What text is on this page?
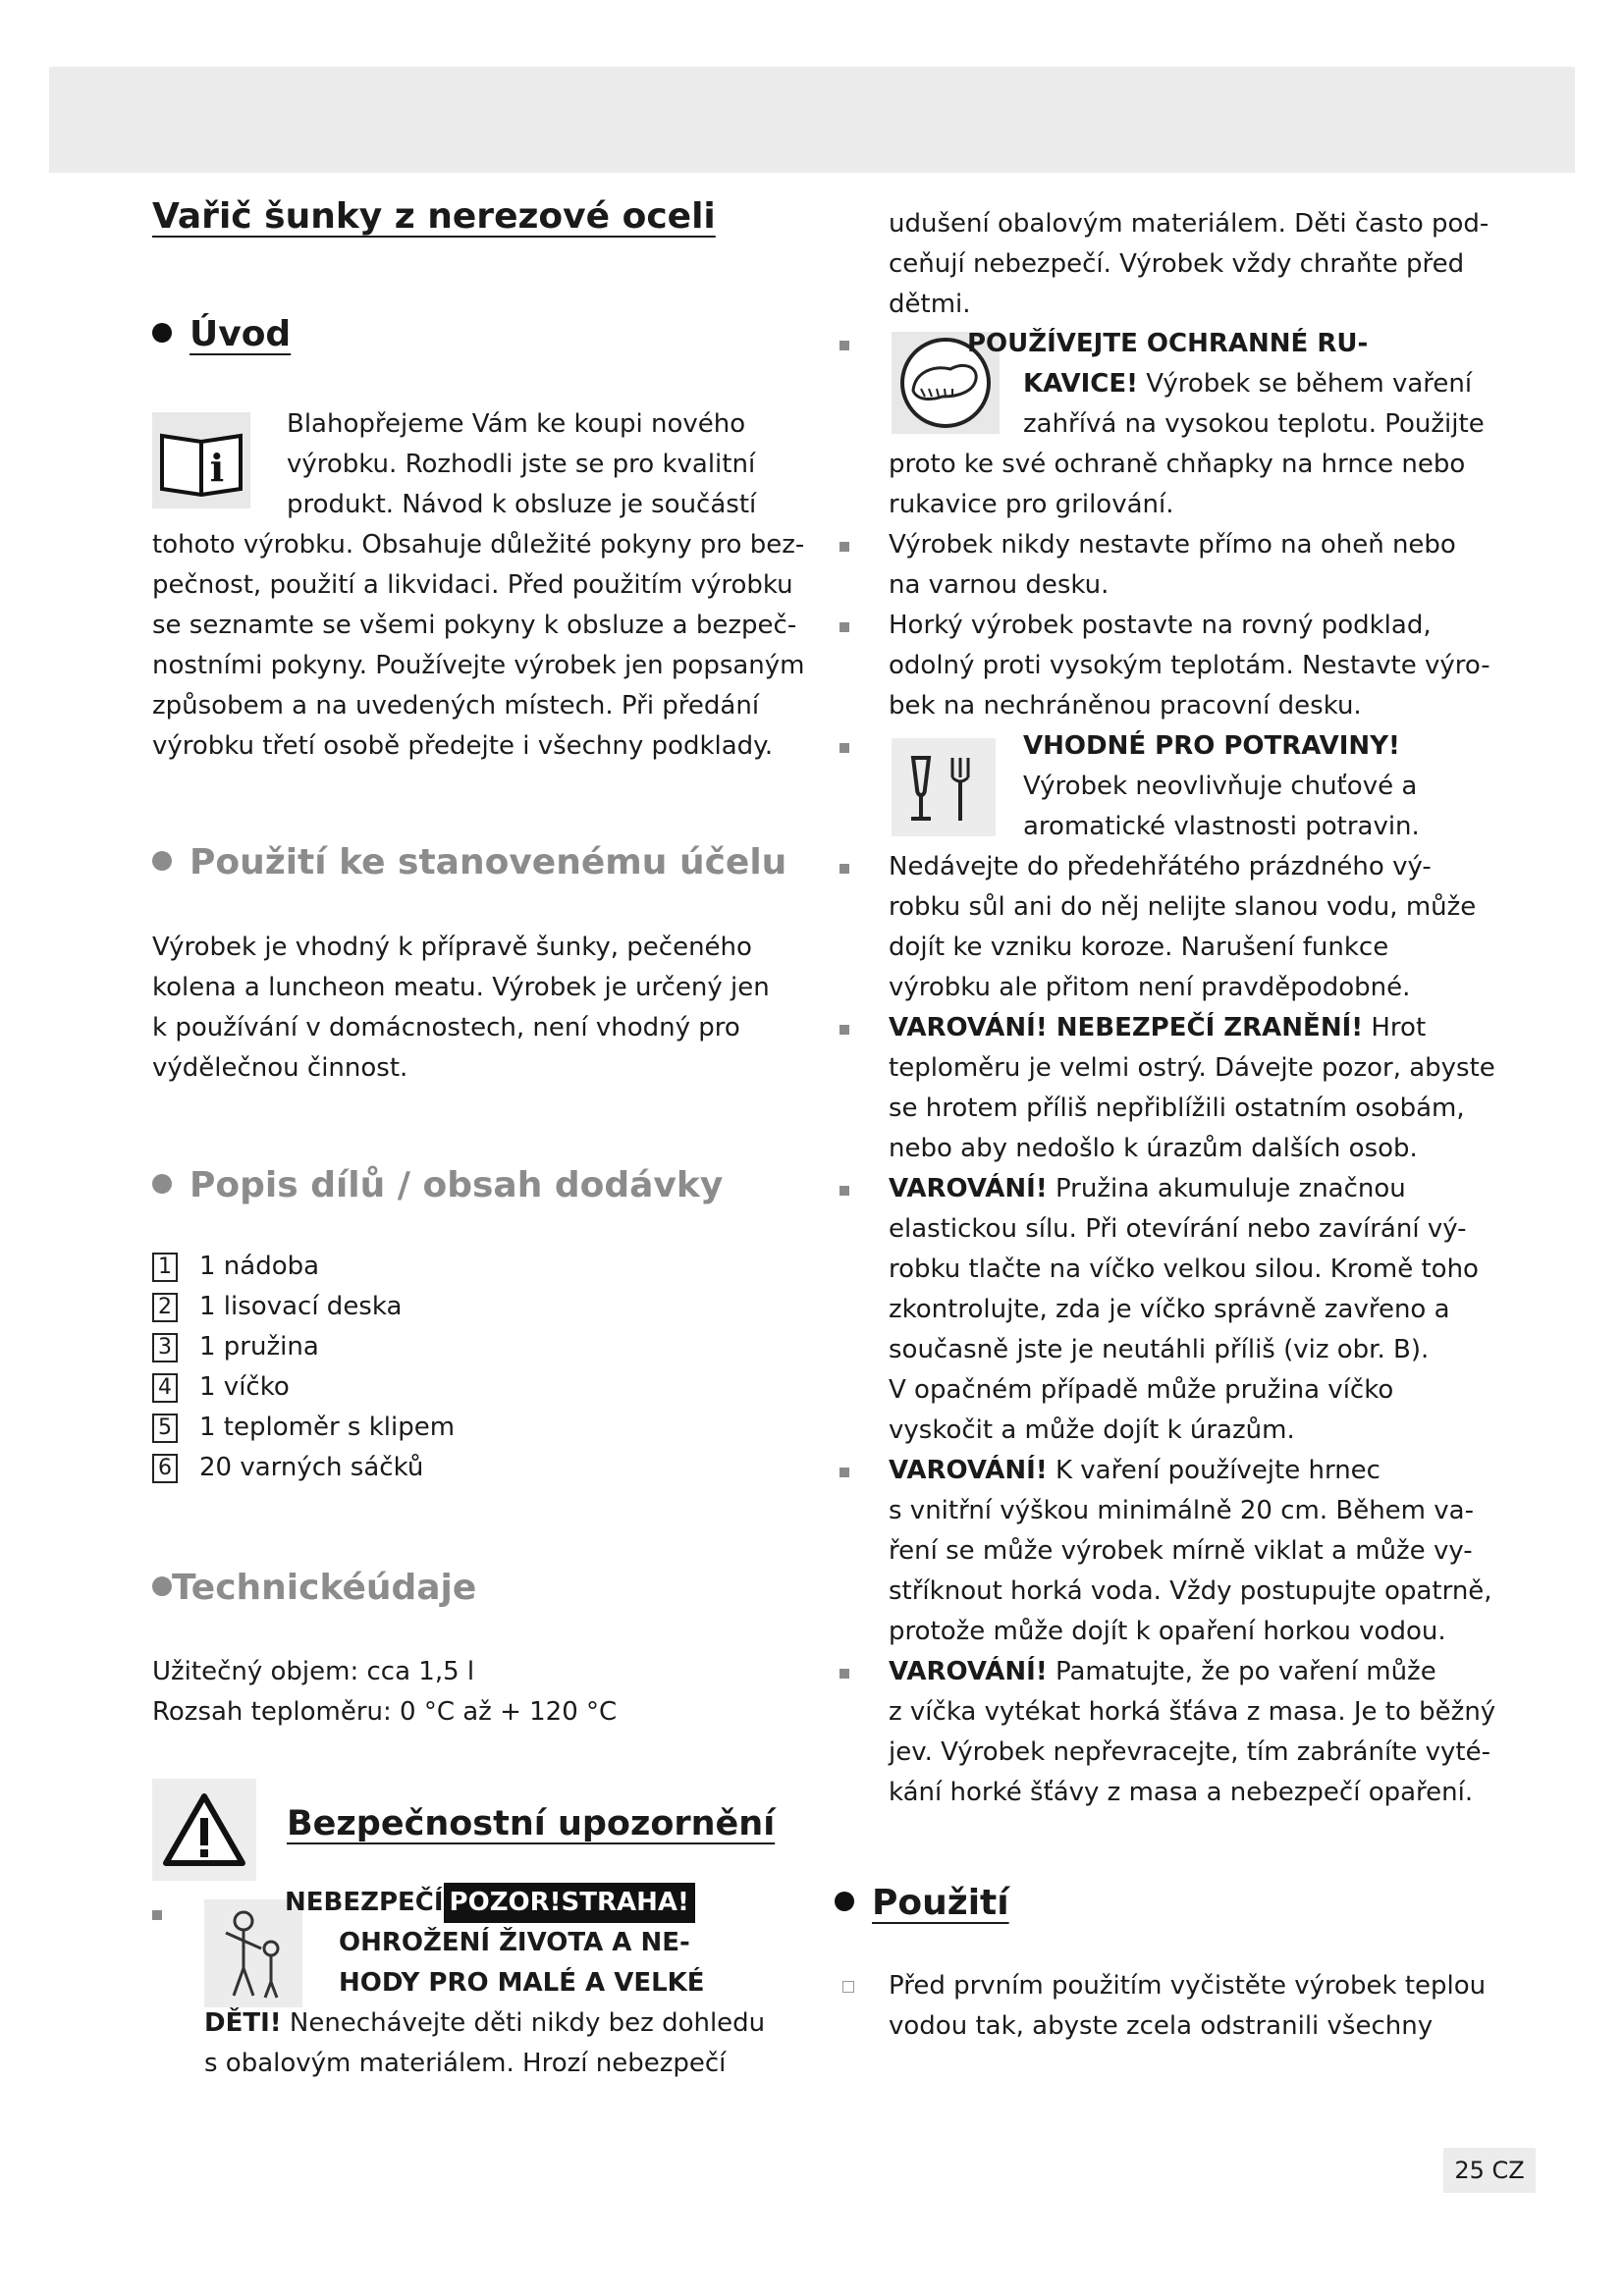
Vařič šunky z nerezové oceli
Úvod
i
Blahopřejeme Vám ke koupi nového
výrobku. Rozhodli jste se pro kvalitní
produkt. Návod k obsluze je součástí
tohoto výrobku. Obsahuje důležité pokyny pro bez-
pečnost, použití a likvidaci. Před použitím výrobku
se seznamte se všemi pokyny k obsluze a bezpeč-
nostními pokyny. Používejte výrobek jen popsaným
způsobem a na uvedených místech. Při předání
výrobku třetí osobě předejte i všechny podklady.
Použití ke stanovenému účelu
Výrobek je vhodný k přípravě šunky, pečeného
kolena a luncheon meatu. Výrobek je určený jen
k používání v domácnostech, není vhodný pro
výdělečnou činnost.
Popis dílů / obsah dodávky
1 1 nádoba
2 1 lisovací deska
3 1 pružina
4 1 víčko
5 1 teploměr s klipem
6 20 varných sáčků
Technickéúdaje
Užitečný objem: cca 1,5 l
Rozsah teploměru: 0 °C až + 120 °C
Bezpečnostní upozornění
NEBEZPEČÍ POZOR!STRAHA!
OHROŽENÍ ŽIVOTA A NE-
HODY PRO MALÉ A VELKÉ
DĚTI! Nenechávejte děti nikdy bez dohledu
s obalovým materiálem. Hrozí nebezpečí
udušení obalovým materiálem. Děti často pod-
ceňují nebezpečí. Výrobek vždy chraňte před
dětmi.
POUŽÍVEJTE OCHRANNÉ RU-
KAVICE! Výrobek se během vaření
zahřívá na vysokou teplotu. Použijte
proto ke své ochraně chňapky na hrnce nebo
rukavice pro grilování.
Výrobek nikdy nestavte přímo na oheň nebo
na varnou desku.
Horký výrobek postavte na rovný podklad,
odolný proti vysokým teplotám. Nestavte výro-
bek na nechráněnou pracovní desku.
VHODNÉ PRO POTRAVINY!
Výrobek neovlivňuje chuťové a
aromatické vlastnosti potravin.
Nedávejte do předehřátého prázdného vý-
robku sůl ani do něj nelijte slanou vodu, může
dojít ke vzniku koroze. Narušení funkce
výrobku ale přitom není pravděpodobné.
VAROVÁNÍ! NEBEZPEČÍ ZRANĚNÍ! Hrot
teploměru je velmi ostrý. Dávejte pozor, abyste
se hrotem příliš nepřiblížili ostatním osobám,
nebo aby nedošlo k úrazům dalších osob.
VAROVÁNÍ! Pružina akumuluje značnou
elastickou sílu. Při otevírání nebo zavírání vý-
robku tlačte na víčko velkou silou. Kromě toho
zkontrolujte, zda je víčko správně zavřeno a
současně jste je neutáhli příliš (viz obr. B).
V opačném případě může pružina víčko
vyskočit a může dojít k úrazům.
VAROVÁNÍ! K vaření používejte hrnec
s vnitřní výškou minimálně 20 cm. Během va-
ření se může výrobek mírně viklat a může vy-
stříknout horká voda. Vždy postupujte opatrně,
protože může dojít k opaření horkou vodou.
VAROVÁNÍ! Pamatujte, že po vaření může
z víčka vytékat horká šťáva z masa. Je to běžný
jev. Výrobek nepřevracejte, tím zabráníte vyté-
kání horké šťávy z masa a nebezpečí opaření.
Použití
Před prvním použitím vyčistěte výrobek teplou
vodou tak, abyste zcela odstranili všechny
25 CZ
